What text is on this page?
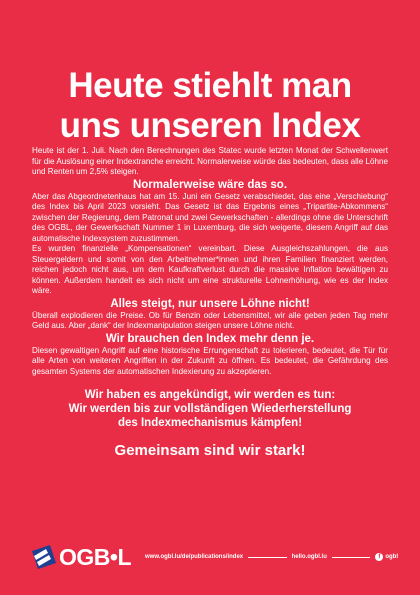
Heute stiehlt man
uns unseren Index

Heute ist der 1. Juli. Nach den Berechnungen des Statec wurde letzten Monat der Schwellenwert für die Auslösung einer Indextranche erreicht. Normalerweise würde das bedeuten, dass alle Löhne und Renten um 2,5% steigen.

Normalerweise wäre das so.

Aber das Abgeordnetenhaus hat am 15. Juni ein Gesetz verabschiedet, das eine „Verschiebung“ des Index bis April 2023 vorsieht. Das Gesetz ist das Ergebnis eines „Tripartite-Abkommens“ zwischen der Regierung, dem Patronat und zwei Gewerkschaften - allerdings ohne die Unterschrift des OGBL, der Gewerkschaft Nummer 1 in Luxemburg, die sich weigerte, diesem Angriff auf das automatische Indexsystem zuzustimmen.

Es wurden finanzielle „Kompensationen“ vereinbart. Diese Ausgleichszahlungen, die aus Steuergeldern und somit von den Arbeitnehmer*innen und ihren Familien finanziert werden, reichen jedoch nicht aus, um dem Kaufkraftverlust durch die massive Inflation bewältigen zu können. Außerdem handelt es sich nicht um eine strukturelle Lohnerhöhung, wie es der Index wäre.

Alles steigt, nur unsere Löhne nicht!

Überall explodieren die Preise. Ob für Benzin oder Lebensmittel, wir alle geben jeden Tag mehr Geld aus. Aber „dank“ der Indexmanipulation steigen unsere Löhne nicht.

Wir brauchen den Index mehr denn je.

Diesen gewaltigen Angriff auf eine historische Errungenschaft zu tolerieren, bedeutet, die Tür für alle Arten von weiteren Angriffen in der Zukunft zu öffnen. Es bedeutet, die Gefährdung des gesamten Systems der automatischen Indexierung zu akzeptieren.

Wir haben es angekündigt, wir werden es tun:
Wir werden bis zur vollständigen Wiederherstellung
des Indexmechanismus kämpfen!
Gemeinsam sind wir stark!
OGB•L www.ogbl.lu/de/publications/index	hello.ogbl.lu	f ogbl
